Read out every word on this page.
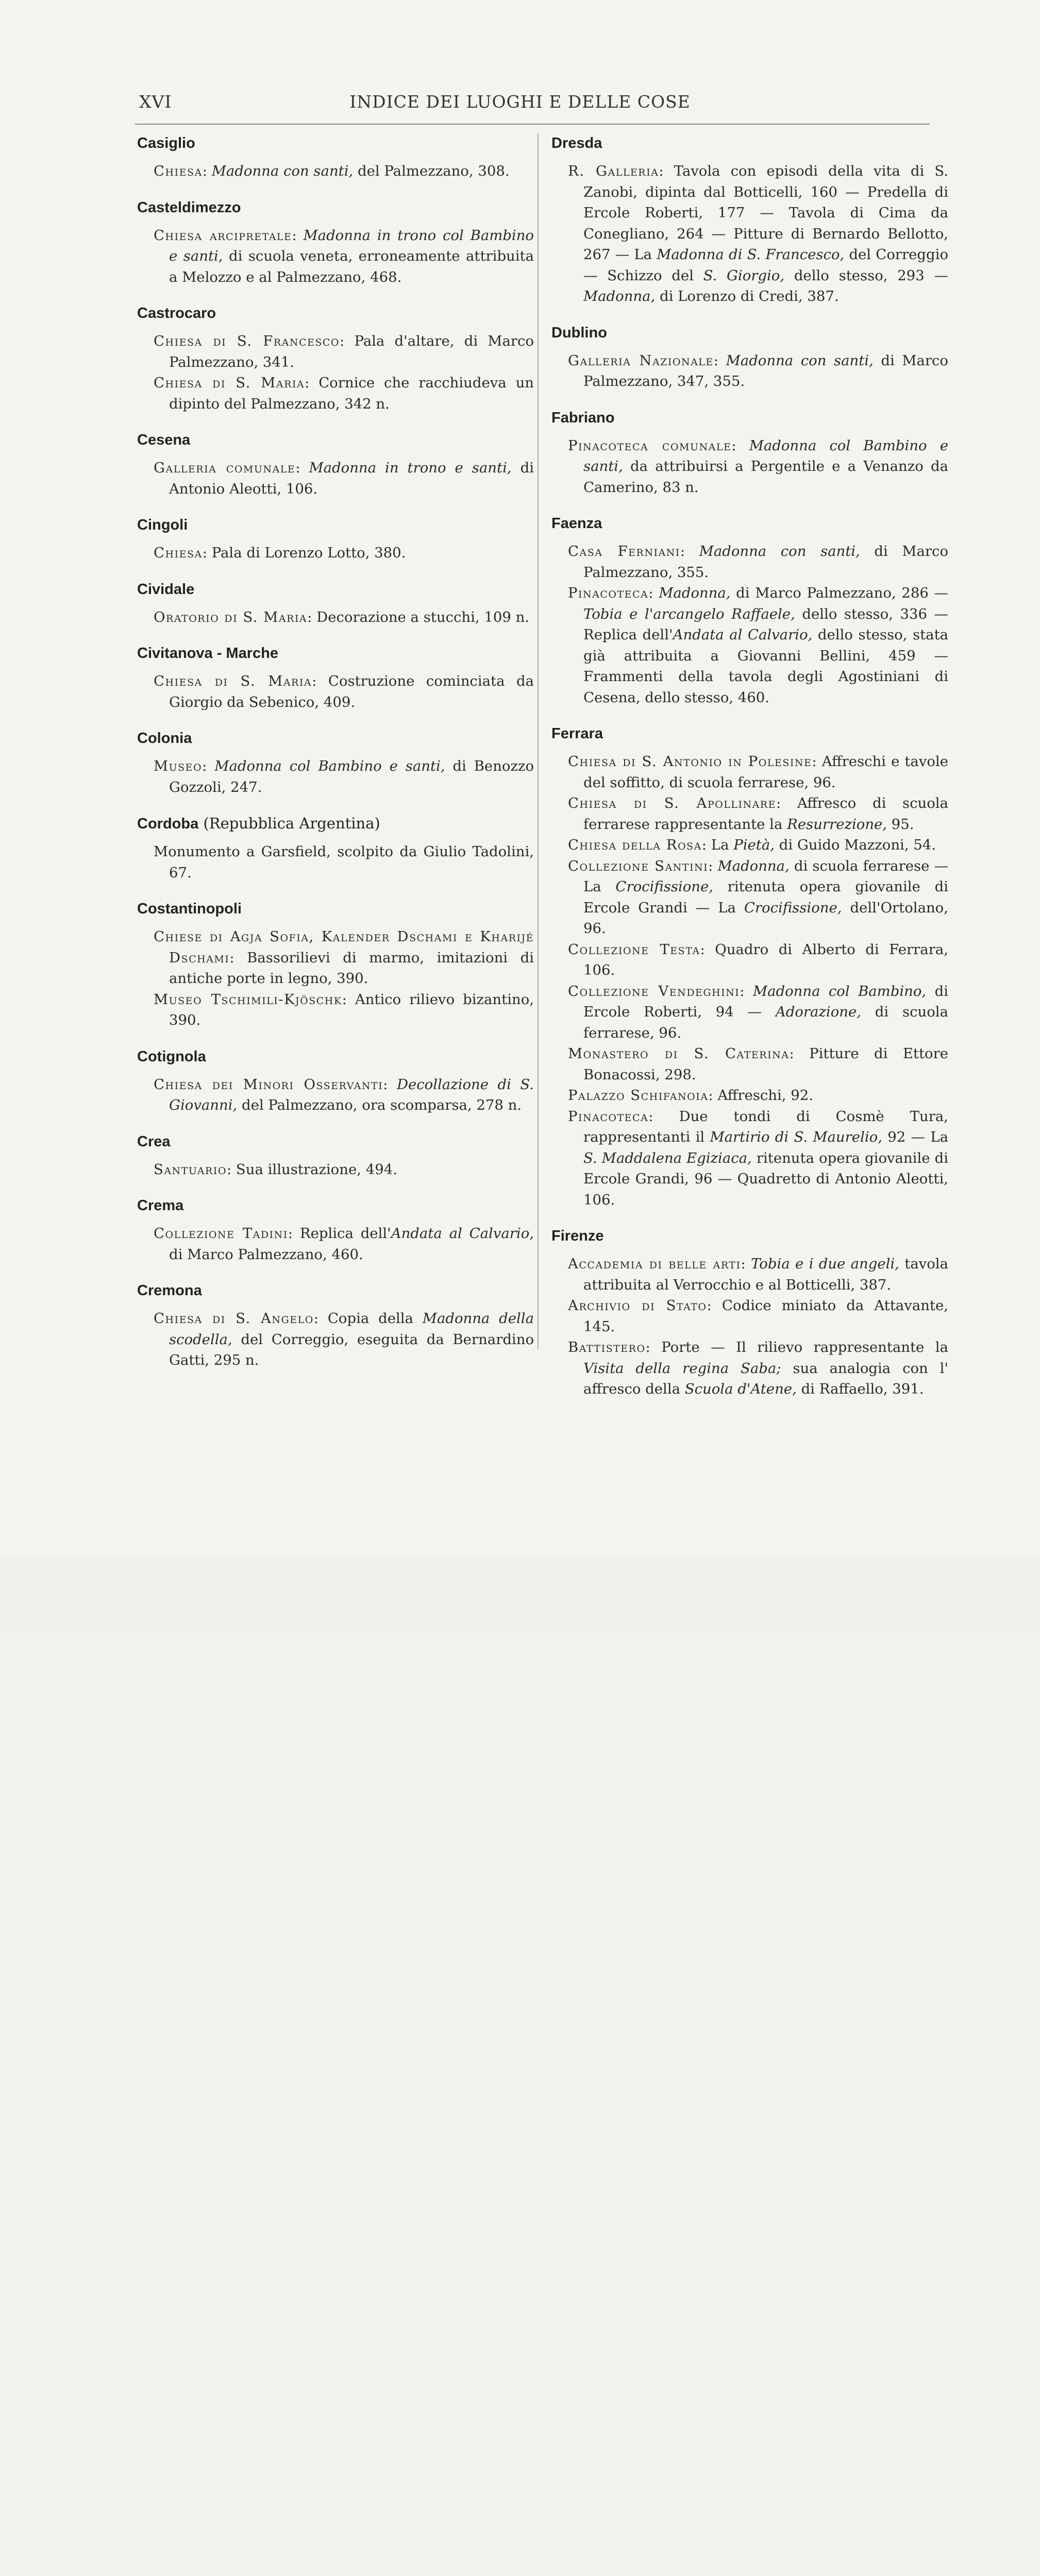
XVI	INDICE DEI LUOGHI E DELLE COSE

Casiglio

Chiesa: Madonna con santi, del Palmezzano, 308.

Casteldimezzo

Chiesa arcipretale: Madonna in trono col Bambino e santi, di scuola veneta, erroneamente attribuita a Melozzo e al Palmezzano, 468.

Castrocaro

Chiesa di S. Francesco: Pala d'altare, di Marco Palmezzano, 341.

Chiesa di S. Maria: Cornice che racchiudeva un dipinto del Palmezzano, 342 n.

Cesena

Galleria comunale: Madonna in trono e santi, di Antonio Aleotti, 106.

Cingoli

Chiesa: Pala di Lorenzo Lotto, 380.

Cividale

Oratorio di S. Maria: Decorazione a stucchi, 109 n.

Civitanova - Marche

Chiesa di S. Maria: Costruzione cominciata da Giorgio da Sebenico, 409.

Colonia

Museo: Madonna col Bambino e santi, di Benozzo Gozzoli, 247.

Cordoba (Repubblica Argentina)

Monumento a Garsfield, scolpito da Giulio Tadolini, 67.

Costantinopoli

Chiese di Agja Sofia, Kalender Dschami e Kharijé Dschami: Bassorilievi di marmo, imitazioni di antiche porte in legno, 390.

Museo Tschimili-Kjöschk: Antico rilievo bizantino, 390.

Cotignola

Chiesa dei Minori Osservanti: Decollazione di S. Giovanni, del Palmezzano, ora scomparsa, 278 n.

Crea

Santuario: Sua illustrazione, 494.

Crema

Collezione Tadini: Replica dell'Andata al Calvario, di Marco Palmezzano, 460.

Cremona

Chiesa di S. Angelo: Copia della Madonna della scodella, del Correggio, eseguita da Bernardino Gatti, 295 n.

Dresda

R. Galleria: Tavola con episodi della vita di S. Zanobi, dipinta dal Botticelli, 160 — Predella di Ercole Roberti, 177 — Tavola di Cima da Conegliano, 264 — Pitture di Bernardo Bellotto, 267 — La Madonna di S. Francesco, del Correggio — Schizzo del S. Giorgio, dello stesso, 293 — Madonna, di Lorenzo di Credi, 387.

Dublino

Galleria Nazionale: Madonna con santi, di Marco Palmezzano, 347, 355.

Fabriano

Pinacoteca comunale: Madonna col Bambino e santi, da attribuirsi a Pergentile e a Venanzo da Camerino, 83 n.

Faenza

Casa Ferniani: Madonna con santi, di Marco Palmezzano, 355.

Pinacoteca: Madonna, di Marco Palmezzano, 286 — Tobia e l'arcangelo Raffaele, dello stesso, 336 — Replica dell'Andata al Calvario, dello stesso, stata già attribuita a Giovanni Bellini, 459 — Frammenti della tavola degli Agostiniani di Cesena, dello stesso, 460.

Ferrara

Chiesa di S. Antonio in Polesine: Affreschi e tavole del soffitto, di scuola ferrarese, 96.

Chiesa di S. Apollinare: Affresco di scuola ferrarese rappresentante la Resurrezione, 95.

Chiesa della Rosa: La Pietà, di Guido Mazzoni, 54.

Collezione Santini: Madonna, di scuola ferrarese — La Crocifissione, ritenuta opera giovanile di Ercole Grandi — La Crocifissione, dell'Ortolano, 96.

Collezione Testa: Quadro di Alberto di Ferrara, 106.

Collezione Vendeghini: Madonna col Bambino, di Ercole Roberti, 94 — Adorazione, di scuola ferrarese, 96.

Monastero di S. Caterina: Pitture di Ettore Bonacossi, 298.

Palazzo Schifanoia: Affreschi, 92.

Pinacoteca: Due tondi di Cosmè Tura, rappresentanti il Martirio di S. Maurelio, 92 — La S. Maddalena Egiziaca, ritenuta opera giovanile di Ercole Grandi, 96 — Quadretto di Antonio Aleotti, 106.

Firenze

Accademia di belle arti: Tobia e i due angeli, tavola attribuita al Verrocchio e al Botticelli, 387.

Archivio di Stato: Codice miniato da Attavante, 145.

Battistero: Porte — Il rilievo rappresentante la Visita della regina Saba; sua analogia con l' affresco della Scuola d'Atene, di Raffaello, 391.
